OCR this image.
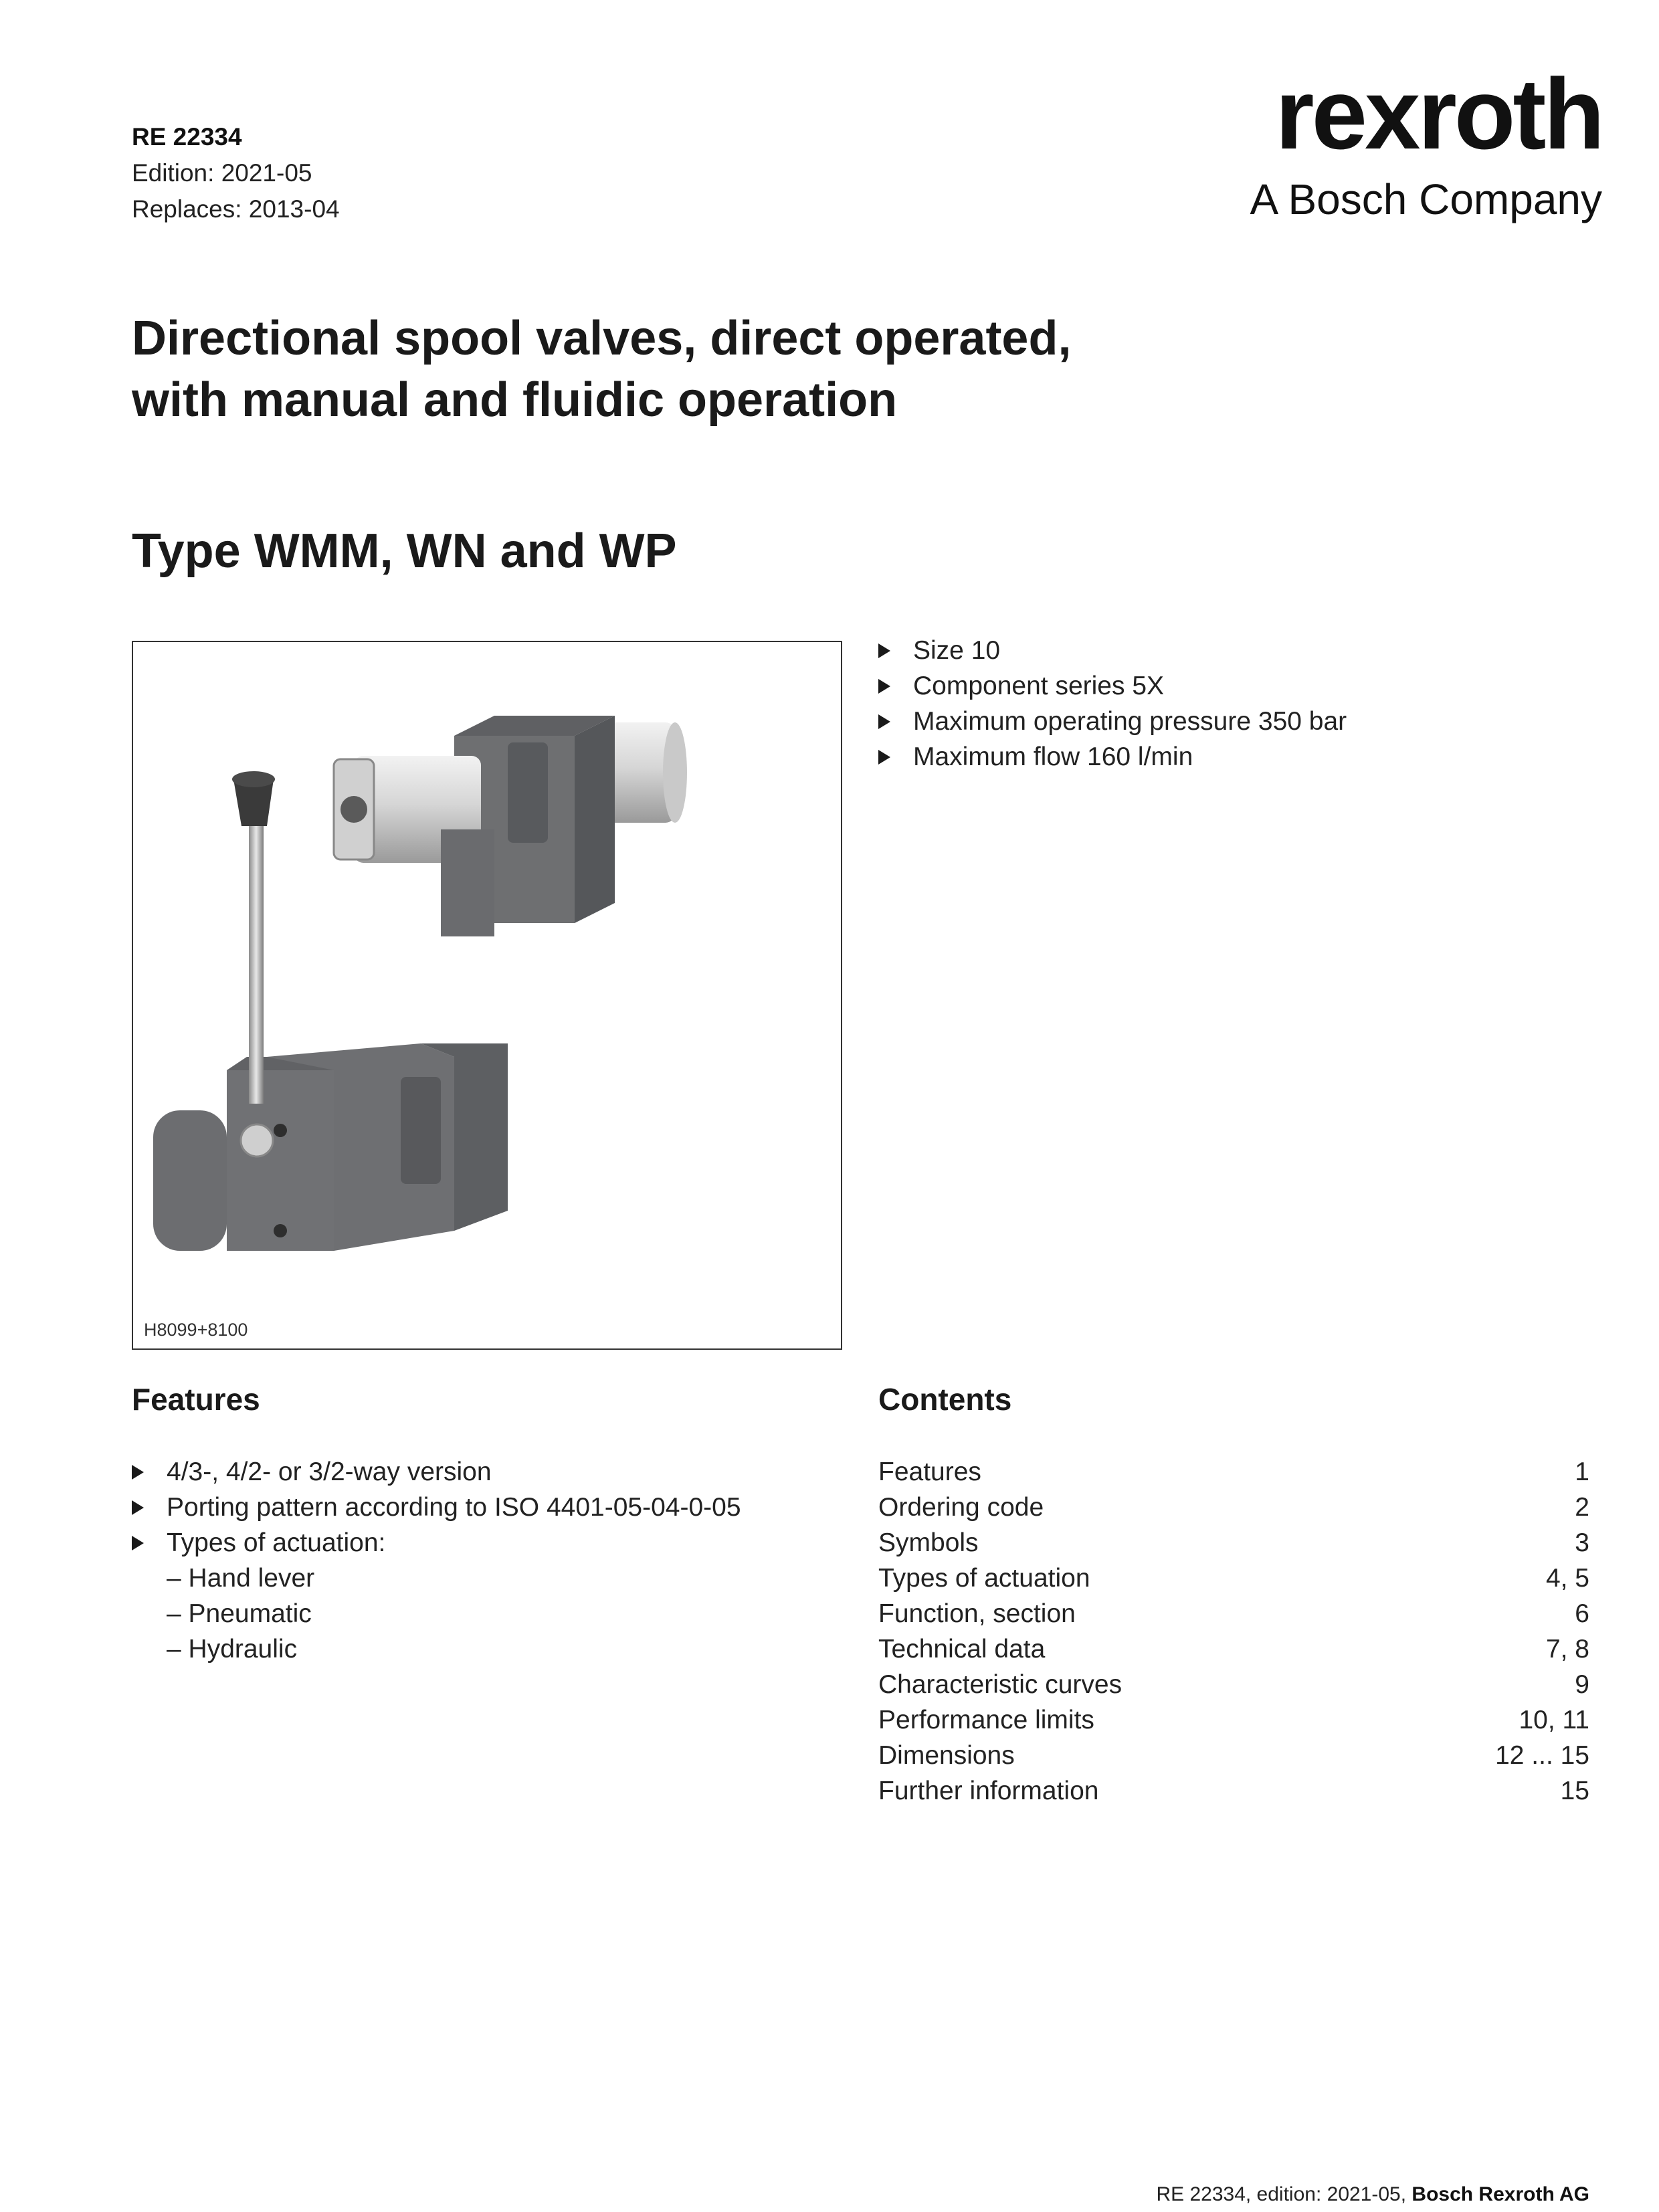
RE 22334
Edition: 2021-05
Replaces: 2013-04
rexroth
A Bosch Company
Directional spool valves, direct operated,
with manual and fluidic operation
Type WMM, WN and WP
H8099+8100
Size 10
Component series 5X
Maximum operating pressure 350 bar
Maximum flow 160 l/min
Features
4/3-, 4/2- or 3/2-way version
Porting pattern according to ISO 4401-05-04-0-05
Types of actuation:
– Hand lever
– Pneumatic
– Hydraulic
Contents
Features	1
Ordering code	2
Symbols	3
Types of actuation	4, 5
Function, section	6
Technical data	7, 8
Characteristic curves	9
Performance limits	10, 11
Dimensions	12 ... 15
Further information	15
RE 22334, edition: 2021-05, Bosch Rexroth AG
